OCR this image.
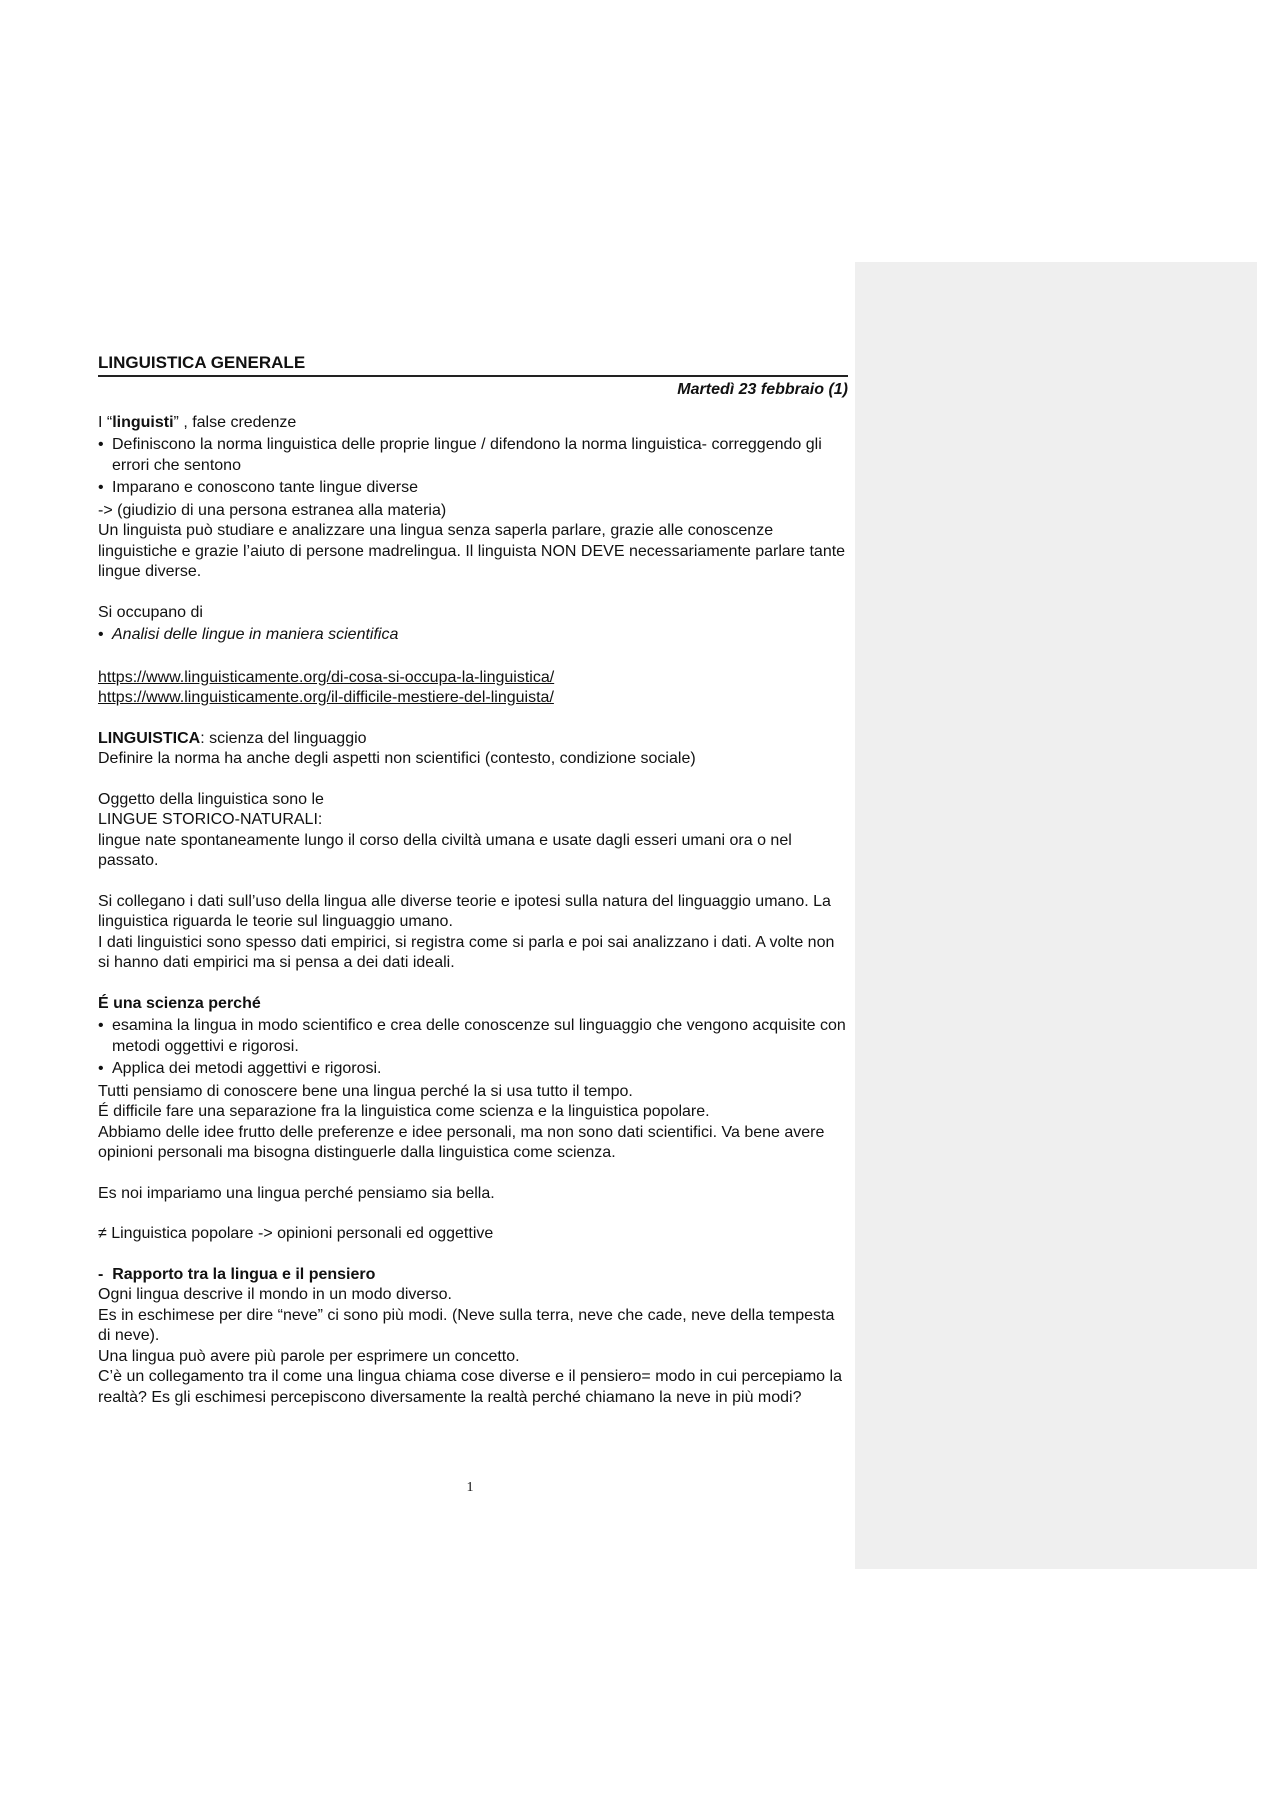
LINGUISTICA GENERALE

Martedì 23 febbraio (1)

I “linguisti” , false credenze

• Definiscono la norma linguistica delle proprie lingue / difendono la norma linguistica- correggendo gli errori che sentono
• Imparano e conoscono tante lingue diverse

-> (giudizio di una persona estranea alla materia)

Un linguista può studiare e analizzare una lingua senza saperla parlare, grazie alle conoscenze linguistiche e grazie l’aiuto di persone madrelingua. Il linguista NON DEVE necessariamente parlare tante lingue diverse.

Si occupano di

• Analisi delle lingue in maniera scientifica
https://www.linguisticamente.org/di-cosa-si-occupa-la-linguistica/
https://www.linguisticamente.org/il-difficile-mestiere-del-linguista/

LINGUISTICA: scienza del linguaggio

Definire la norma ha anche degli aspetti non scientifici (contesto, condizione sociale)

Oggetto della linguistica sono le

LINGUE STORICO-NATURALI:

lingue nate spontaneamente lungo il corso della civiltà umana e usate dagli esseri umani ora o nel passato.

Si collegano i dati sull’uso della lingua alle diverse teorie e ipotesi sulla natura del linguaggio umano. La linguistica riguarda le teorie sul linguaggio umano.

I dati linguistici sono spesso dati empirici, si registra come si parla e poi sai analizzano i dati. A volte non si hanno dati empirici ma si pensa a dei dati ideali.

É una scienza perché

• esamina la lingua in modo scientifico e crea delle conoscenze sul linguaggio che vengono acquisite con metodi oggettivi e rigorosi.
• Applica dei metodi aggettivi e rigorosi.

Tutti pensiamo di conoscere bene una lingua perché la si usa tutto il tempo.

É difficile fare una separazione fra la linguistica come scienza e la linguistica popolare.

Abbiamo delle idee frutto delle preferenze e idee personali, ma non sono dati scientifici. Va bene avere opinioni personali ma bisogna distinguerle dalla linguistica come scienza.

Es noi impariamo una lingua perché pensiamo sia bella.

≠ Linguistica popolare -> opinioni personali ed oggettive

- Rapporto tra la lingua e il pensiero

Ogni lingua descrive il mondo in un modo diverso.

Es in eschimese per dire “neve” ci sono più modi. (Neve sulla terra, neve che cade, neve della tempesta di neve).

Una lingua può avere più parole per esprimere un concetto.

C’è un collegamento tra il come una lingua chiama cose diverse e il pensiero= modo in cui percepiamo la realtà? Es gli eschimesi percepiscono diversamente la realtà perché chiamano la neve in più modi?

1
